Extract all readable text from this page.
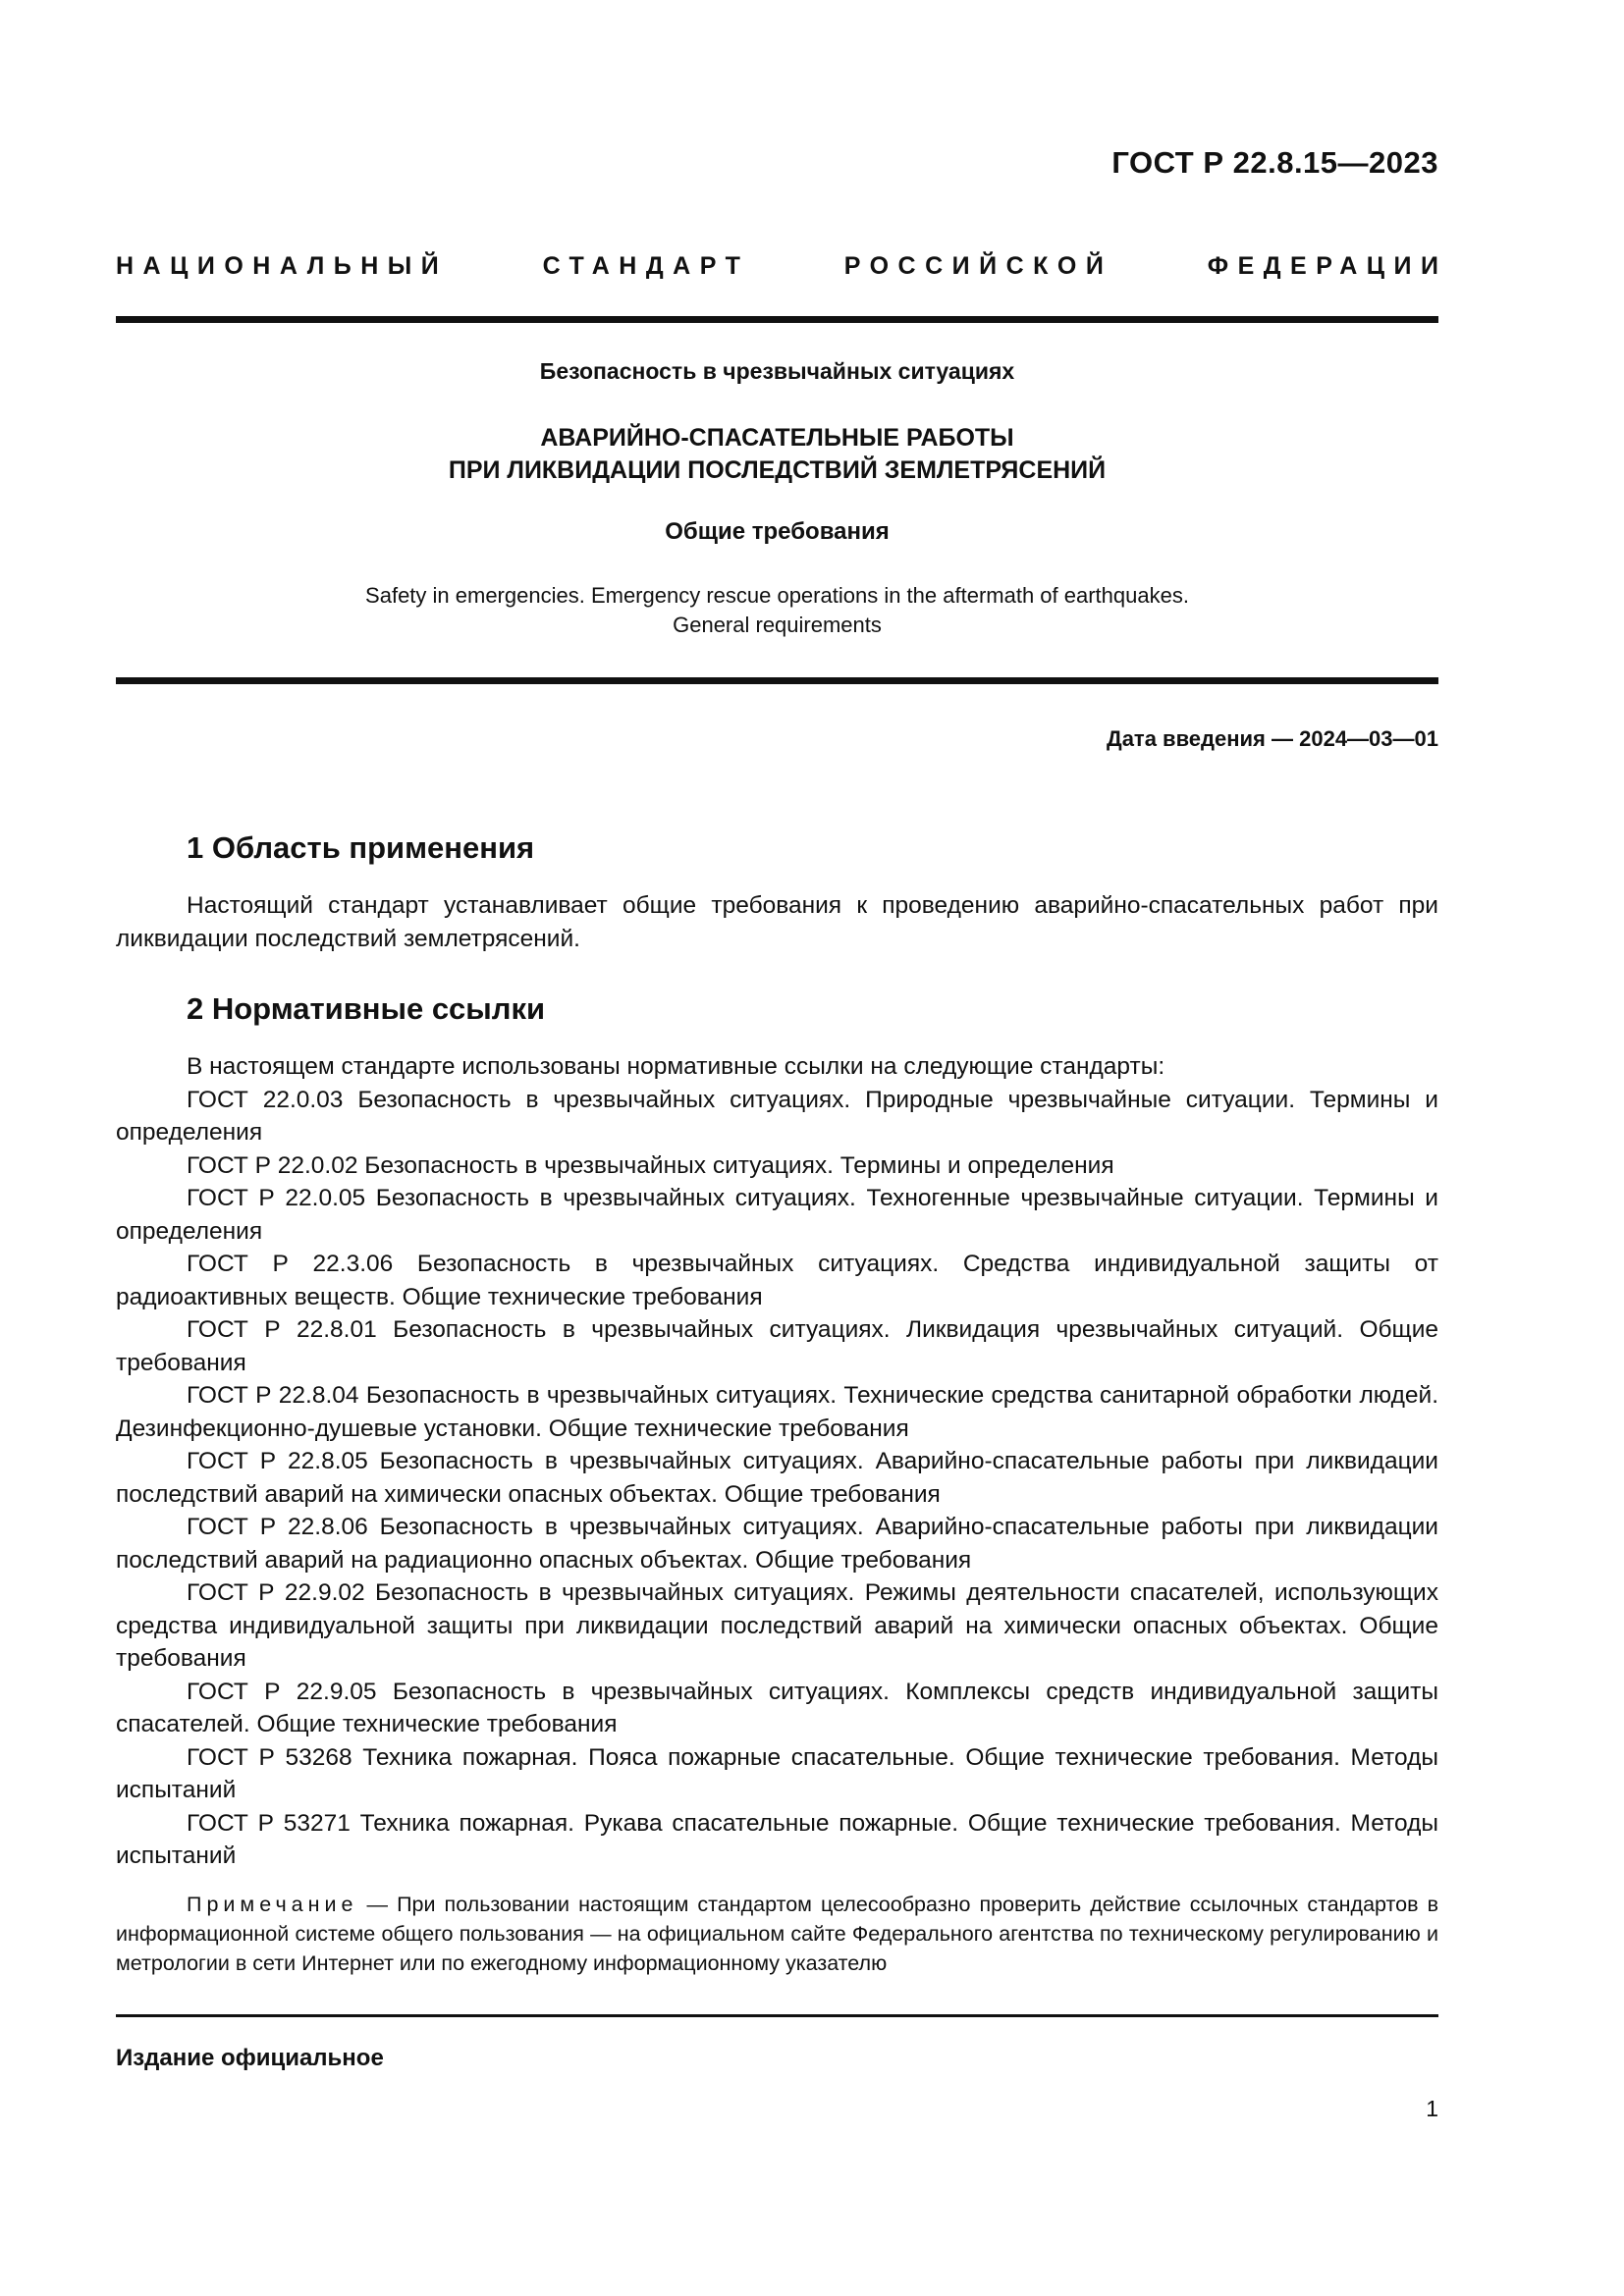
ГОСТ Р 22.8.15—2023
НАЦИОНАЛЬНЫЙ	СТАНДАРТ	РОССИЙСКОЙ	ФЕДЕРАЦИИ
Безопасность в чрезвычайных ситуациях
АВАРИЙНО-СПАСАТЕЛЬНЫЕ РАБОТЫ
ПРИ ЛИКВИДАЦИИ ПОСЛЕДСТВИЙ ЗЕМЛЕТРЯСЕНИЙ
Общие требования
Safety in emergencies. Emergency rescue operations in the aftermath of earthquakes.
General requirements
Дата введения — 2024—03—01
1 Область применения

Настоящий стандарт устанавливает общие требования к проведению аварийно-спасательных работ при ликвидации последствий землетрясений.

2 Нормативные ссылки

В настоящем стандарте использованы нормативные ссылки на следующие стандарты:

ГОСТ 22.0.03 Безопасность в чрезвычайных ситуациях. Природные чрезвычайные ситуации. Термины и определения

ГОСТ Р 22.0.02 Безопасность в чрезвычайных ситуациях. Термины и определения

ГОСТ Р 22.0.05 Безопасность в чрезвычайных ситуациях. Техногенные чрезвычайные ситуации. Термины и определения

ГОСТ Р 22.3.06 Безопасность в чрезвычайных ситуациях. Средства индивидуальной защиты от радиоактивных веществ. Общие технические требования

ГОСТ Р 22.8.01 Безопасность в чрезвычайных ситуациях. Ликвидация чрезвычайных ситуаций. Общие требования

ГОСТ Р 22.8.04 Безопасность в чрезвычайных ситуациях. Технические средства санитарной обработки людей. Дезинфекционно-душевые установки. Общие технические требования

ГОСТ Р 22.8.05 Безопасность в чрезвычайных ситуациях. Аварийно-спасательные работы при ликвидации последствий аварий на химически опасных объектах. Общие требования

ГОСТ Р 22.8.06 Безопасность в чрезвычайных ситуациях. Аварийно-спасательные работы при ликвидации последствий аварий на радиационно опасных объектах. Общие требования

ГОСТ Р 22.9.02 Безопасность в чрезвычайных ситуациях. Режимы деятельности спасателей, использующих средства индивидуальной защиты при ликвидации последствий аварий на химически опасных объектах. Общие требования

ГОСТ Р 22.9.05 Безопасность в чрезвычайных ситуациях. Комплексы средств индивидуальной защиты спасателей. Общие технические требования

ГОСТ Р 53268 Техника пожарная. Пояса пожарные спасательные. Общие технические требования. Методы испытаний

ГОСТ Р 53271 Техника пожарная. Рукава спасательные пожарные. Общие технические требования. Методы испытаний

Примечание — При пользовании настоящим стандартом целесообразно проверить действие ссылочных стандартов в информационной системе общего пользования — на официальном сайте Федерального агентства по техническому регулированию и метрологии в сети Интернет или по ежегодному информационному указателю

Издание официальное
1
